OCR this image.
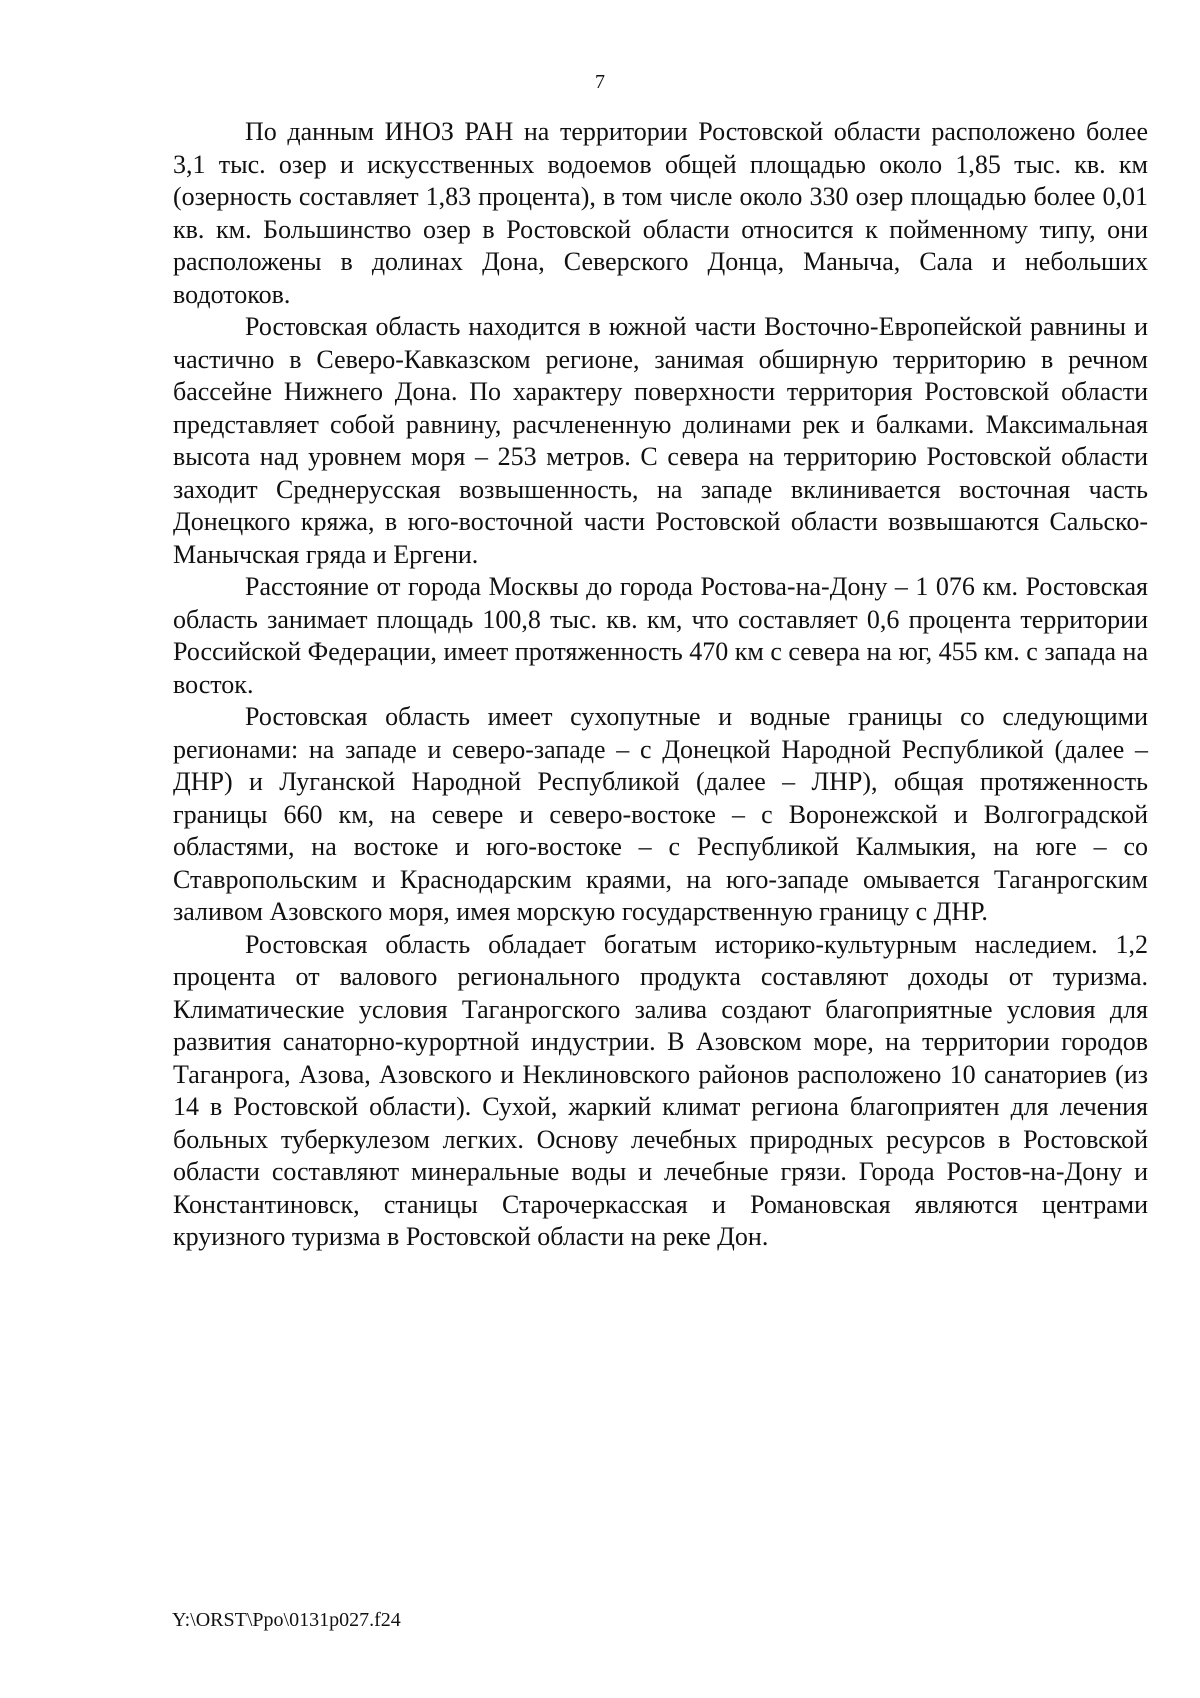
7

По данным ИНОЗ РАН на территории Ростовской области расположено более 3,1 тыс. озер и искусственных водоемов общей площадью около 1,85 тыс. кв. км (озерность составляет 1,83 процента), в том числе около 330 озер площадью более 0,01 кв. км. Большинство озер в Ростовской области относится к пойменному типу, они расположены в долинах Дона, Северского Донца, Маныча, Сала и небольших водотоков.

Ростовская область находится в южной части Восточно-Европейской равнины и частично в Северо-Кавказском регионе, занимая обширную территорию в речном бассейне Нижнего Дона. По характеру поверхности территория Ростовской области представляет собой равнину, расчлененную долинами рек и балками. Максимальная высота над уровнем моря – 253 метров. С севера на территорию Ростовской области заходит Среднерусская возвышенность, на западе вклинивается восточная часть Донецкого кряжа, в юго-восточной части Ростовской области возвышаются Сальско-Манычская гряда и Ергени.

Расстояние от города Москвы до города Ростова-на-Дону – 1 076 км. Ростовская область занимает площадь 100,8 тыс. кв. км, что составляет 0,6 процента территории Российской Федерации, имеет протяженность 470 км с севера на юг, 455 км. с запада на восток.

Ростовская область имеет сухопутные и водные границы со следующими регионами: на западе и северо-западе – с Донецкой Народной Республикой (далее – ДНР) и Луганской Народной Республикой (далее – ЛНР), общая протяженность границы 660 км, на севере и северо-востоке – с Воронежской и Волгоградской областями, на востоке и юго-востоке – с Республикой Калмыкия, на юге – со Ставропольским и Краснодарским краями, на юго-западе омывается Таганрогским заливом Азовского моря, имея морскую государственную границу с ДНР.

Ростовская область обладает богатым историко-культурным наследием. 1,2 процента от валового регионального продукта составляют доходы от туризма. Климатические условия Таганрогского залива создают благоприятные условия для развития санаторно-курортной индустрии. В Азовском море, на территории городов Таганрога, Азова, Азовского и Неклиновского районов расположено 10 санаториев (из 14 в Ростовской области). Сухой, жаркий климат региона благоприятен для лечения больных туберкулезом легких. Основу лечебных природных ресурсов в Ростовской области составляют минеральные воды и лечебные грязи. Города Ростов-на-Дону и Константиновск, станицы Старочеркасская и Романовская являются центрами круизного туризма в Ростовской области на реке Дон.

Y:\ORST\Ppo\0131p027.f24
